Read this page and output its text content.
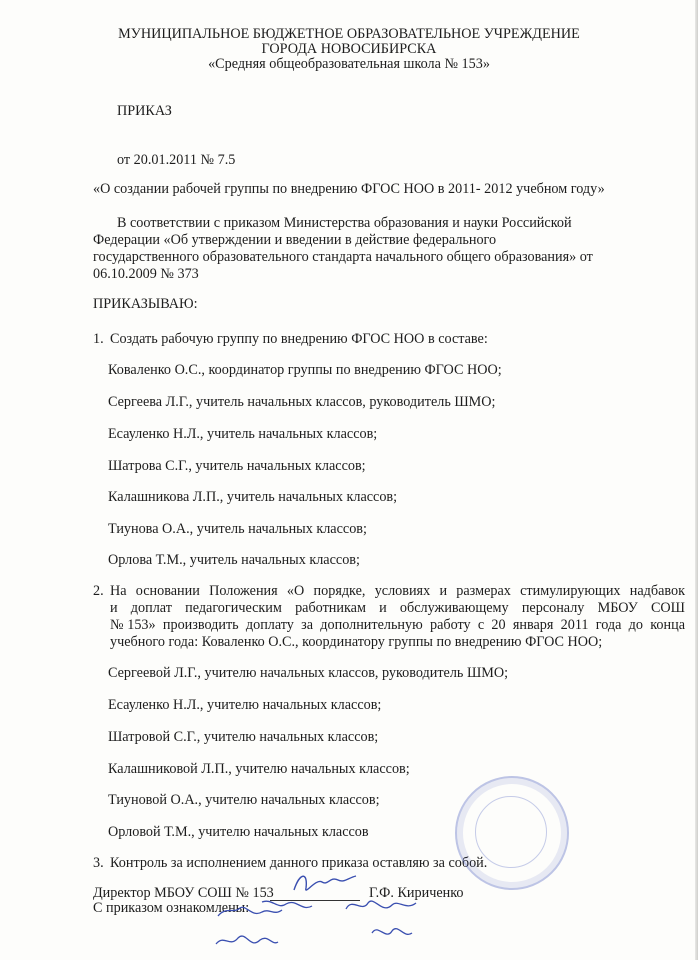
МУНИЦИПАЛЬНОЕ БЮДЖЕТНОЕ ОБРАЗОВАТЕЛЬНОЕ УЧРЕЖДЕНИЕ
ГОРОДА НОВОСИБИРСКА
«Средняя общеобразовательная школа № 153»
ПРИКАЗ
от 20.01.2011 № 7.5
«О создании рабочей группы по внедрению ФГОС НОО в 2011- 2012 учебном году»
В соответствии с приказом Министерства образования и науки Российской
Федерации «Об утверждении и введении в действие федерального
государственного образовательного стандарта начального общего образования» от
06.10.2009 № 373
ПРИКАЗЫВАЮ:
1. Создать рабочую группу по внедрению ФГОС НОО в составе:
Коваленко О.С., координатор группы по внедрению ФГОС НОО;
Сергеева Л.Г., учитель начальных классов, руководитель ШМО;
Есауленко Н.Л., учитель начальных классов;
Шатрова С.Г., учитель начальных классов;
Калашникова Л.П., учитель начальных классов;
Тиунова О.А., учитель начальных классов;
Орлова Т.М., учитель начальных классов;
2. На основании Положения «О порядке, условиях и размерах стимулирующих надбавок
и доплат педагогическим работникам и обслуживающему персоналу МБОУ СОШ
№153» производить доплату за дополнительную работу с 20 января 2011 года до конца
учебного года: Коваленко О.С., координатору группы по внедрению ФГОС НОО;
Сергеевой Л.Г., учителю начальных классов, руководитель ШМО;
Есауленко Н.Л., учителю начальных классов;
Шатровой С.Г., учителю начальных классов;
Калашниковой Л.П., учителю начальных классов;
Тиуновой О.А., учителю начальных классов;
Орловой Т.М., учителю начальных классов
3. Контроль за исполнением данного приказа оставляю за собой.
Директор МБОУ СОШ № 153	Г.Ф. Кириченко
С приказом ознакомлены:
